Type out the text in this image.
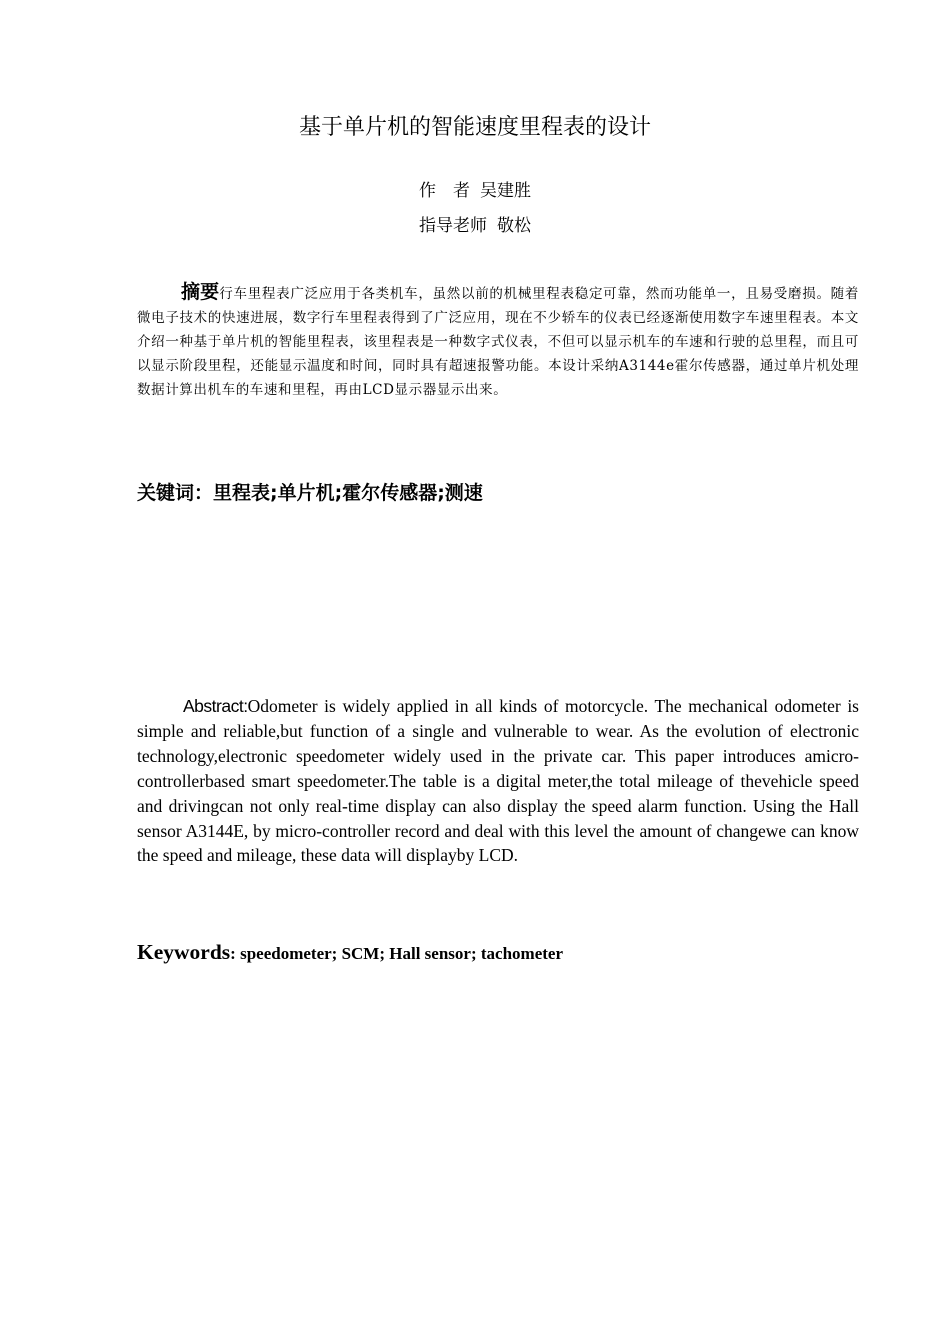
基于单片机的智能速度里程表的设计
作　者 吴建胜
指导老师 敬松
摘要行车里程表广泛应用于各类机车，虽然以前的机械里程表稳定可靠，然而功能单一，且易受磨损。随着微电子技术的快速进展，数字行车里程表得到了广泛应用，现在不少轿车的仪表已经逐渐使用数字车速里程表。本文介绍一种基于单片机的智能里程表，该里程表是一种数字式仪表，不但可以显示机车的车速和行驶的总里程，而且可以显示阶段里程，还能显示温度和时间，同时具有超速报警功能。本设计采纳A3144e霍尔传感器，通过单片机处理数据计算出机车的车速和里程，再由LCD显示器显示出来。
关键词：里程表;单片机;霍尔传感器;测速
Abstract:Odometer is widely applied in all kinds of motorcycle. The mechanical odometer is simple and reliable,but function of a single and vulnerable to wear. As the evolution of electronic technology,electronic speedometer widely used in the private car. This paper introduces amicro-controllerbased smart speedometer.The table is a digital meter,the total mileage of thevehicle speed and drivingcan not only real-time display can also display the speed alarm function. Using the Hall sensor A3144E, by micro-controller record and deal with this level the amount of changewe can know the speed and mileage, these data will displayby LCD.
Keywords: speedometer; SCM; Hall sensor; tachometer
